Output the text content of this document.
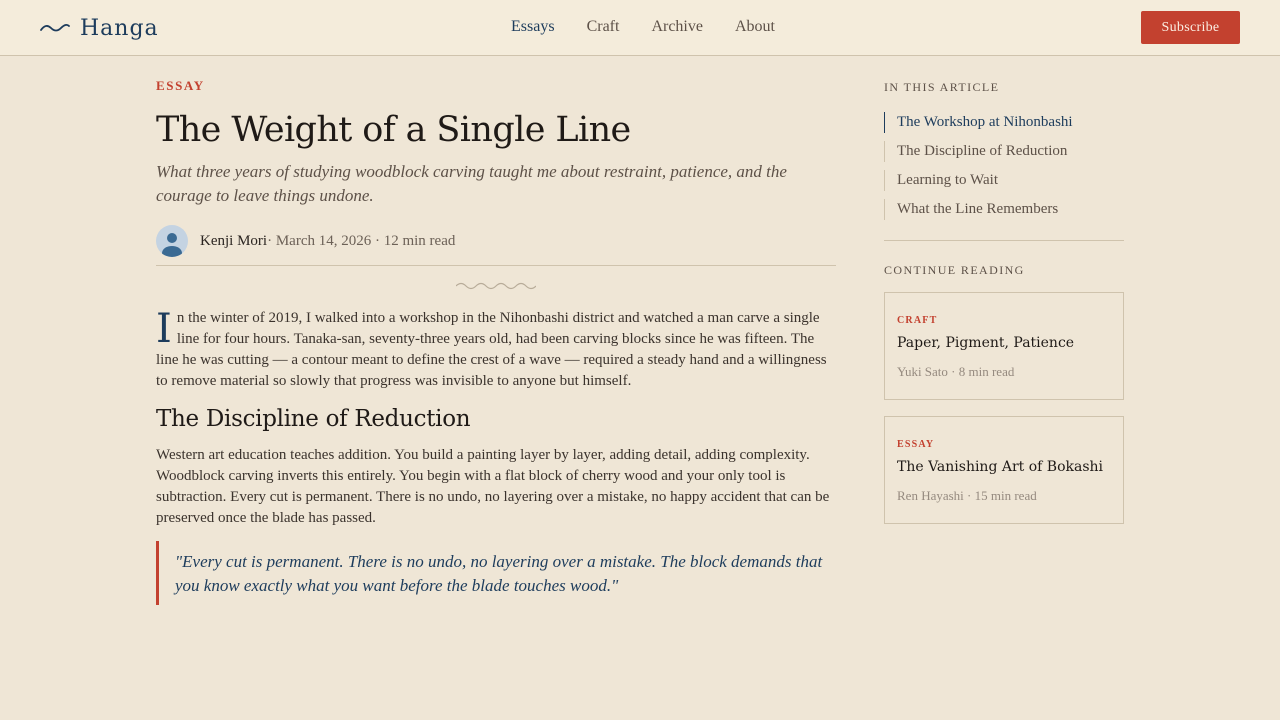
Hanga	Essays Craft Archive About	Subscribe
ESSAY
The Weight of a Single Line

What three years of studying woodblock carving taught me about restraint, patience, and the courage to leave things undone.

Kenji Mori · March 14, 2026 · 12 min read

In the winter of 2019, I walked into a workshop in the Nihonbashi district and watched a man carve a single line for four hours. Tanaka-san, seventy-three years old, had been carving blocks since he was fifteen. The line he was cutting — a contour meant to define the crest of a wave — required a steady hand and a willingness to remove material so slowly that progress was invisible to anyone but himself.

The Discipline of Reduction

Western art education teaches addition. You build a painting layer by layer, adding detail, adding complexity. Woodblock carving inverts this entirely. You begin with a flat block of cherry wood and your only tool is subtraction. Every cut is permanent. There is no undo, no layering over a mistake, no happy accident that can be preserved once the blade has passed.

"Every cut is permanent. There is no undo, no layering over a mistake. The block demands that you know exactly what you want before the blade touches wood."
IN THIS ARTICLE
The Workshop at Nihonbashi
The Discipline of Reduction
Learning to Wait
What the Line Remembers
CONTINUE READING
CRAFT
Paper, Pigment, Patience
Yuki Sato · 8 min read
ESSAY
The Vanishing Art of Bokashi
Ren Hayashi · 15 min read
